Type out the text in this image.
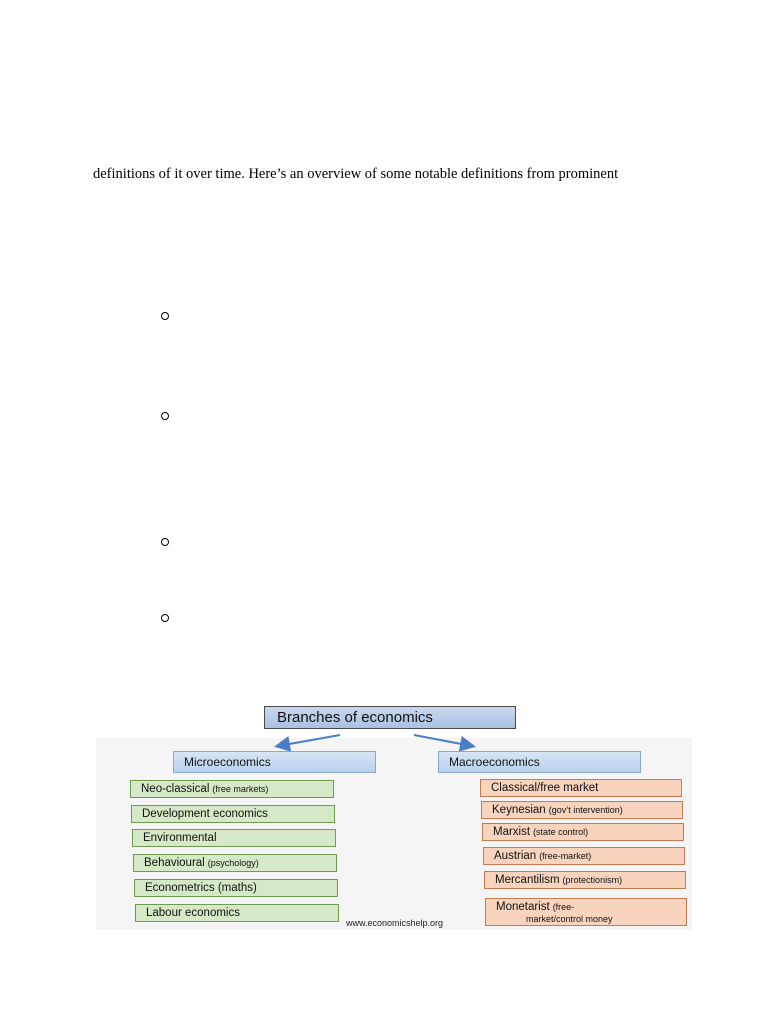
definitions of it over time. Here’s an overview of some notable definitions from prominent
Branches of economics
Microeconomics	Macroeconomics
Neo-classical (free markets)
Development economics
Environmental
Behavioural (psychology)
Econometrics (maths)
Labour economics
Classical/free market
Keynesian (gov’t intervention)
Marxist (state control)
Austrian (free-market)
Mercantilism (protectionism)
Monetarist (free-
market/control money
www.economicshelp.org
